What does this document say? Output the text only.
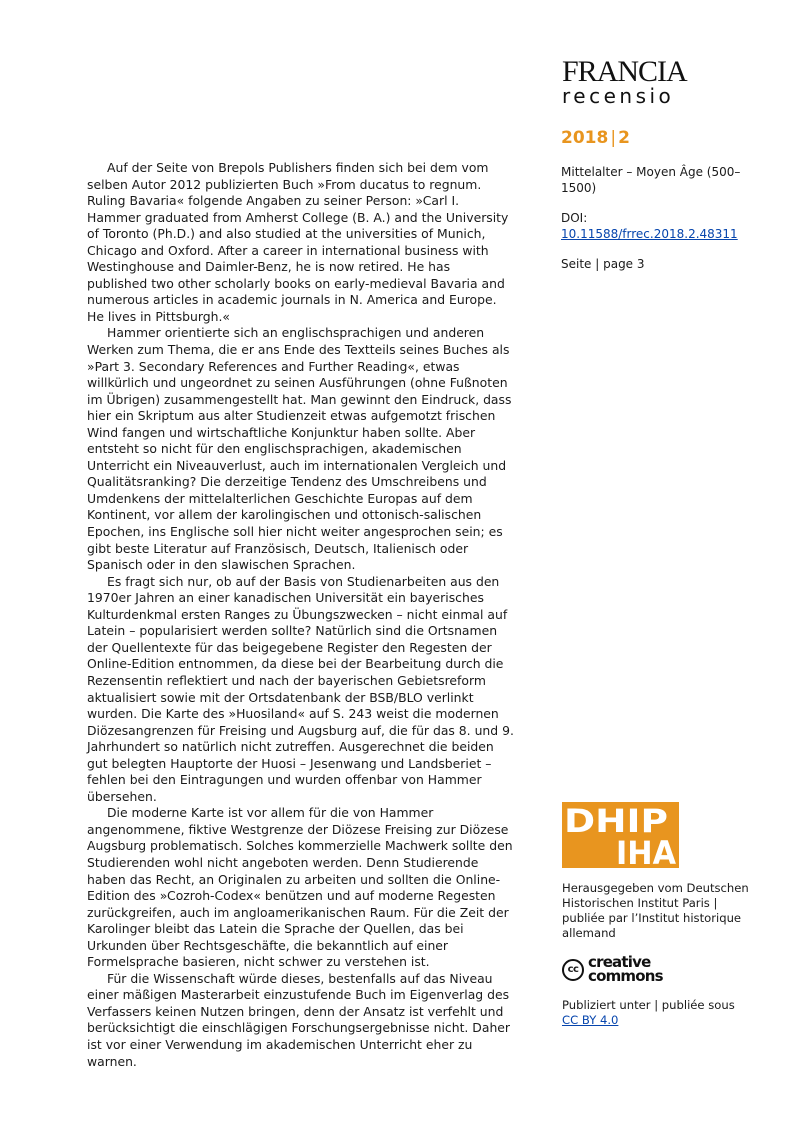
FRANCIA
recensio
2018 | 2
Mittelalter – Moyen Âge (500–1500)
DOI:
10.11588/frrec.2018.2.48311
Seite | page 3

Auf der Seite von Brepols Publishers finden sich bei dem vom selben Autor 2012 publizierten Buch »From ducatus to regnum. Ruling Bavaria« folgende Angaben zu seiner Person: »Carl I. Hammer graduated from Amherst College (B. A.) and the University of Toronto (Ph.D.) and also studied at the universities of Munich, Chicago and Oxford. After a career in international business with Westinghouse and Daimler-Benz, he is now retired. He has published two other scholarly books on early-medieval Bavaria and numerous articles in academic journals in N. America and Europe. He lives in Pittsburgh.«

Hammer orientierte sich an englischsprachigen und anderen Werken zum Thema, die er ans Ende des Textteils seines Buches als »Part 3. Secondary References and Further Reading«, etwas willkürlich und ungeordnet zu seinen Ausführungen (ohne Fußnoten im Übrigen) zusammengestellt hat. Man gewinnt den Eindruck, dass hier ein Skriptum aus alter Studienzeit etwas aufgemotzt frischen Wind fangen und wirtschaftliche Konjunktur haben sollte. Aber entsteht so nicht für den englischsprachigen, akademischen Unterricht ein Niveauverlust, auch im internationalen Vergleich und Qualitätsranking? Die derzeitige Tendenz des Umschreibens und Umdenkens der mittelalterlichen Geschichte Europas auf dem Kontinent, vor allem der karolingischen und ottonisch-salischen Epochen, ins Englische soll hier nicht weiter angesprochen sein; es gibt beste Literatur auf Französisch, Deutsch, Italienisch oder Spanisch oder in den slawischen Sprachen.

Es fragt sich nur, ob auf der Basis von Studienarbeiten aus den 1970er Jahren an einer kanadischen Universität ein bayerisches Kulturdenkmal ersten Ranges zu Übungszwecken – nicht einmal auf Latein – popularisiert werden sollte? Natürlich sind die Ortsnamen der Quellentexte für das beigegebene Register den Regesten der Online-Edition entnommen, da diese bei der Bearbeitung durch die Rezensentin reflektiert und nach der bayerischen Gebietsreform aktualisiert sowie mit der Ortsdatenbank der BSB/BLO verlinkt wurden. Die Karte des »Huosiland« auf S. 243 weist die modernen Diözesangrenzen für Freising und Augsburg auf, die für das 8. und 9. Jahrhundert so natürlich nicht zutreffen. Ausgerechnet die beiden gut belegten Hauptorte der Huosi – Jesenwang und Landsberiet – fehlen bei den Eintragungen und wurden offenbar von Hammer übersehen.

Die moderne Karte ist vor allem für die von Hammer angenommene, fiktive Westgrenze der Diözese Freising zur Diözese Augsburg problematisch. Solches kommerzielle Machwerk sollte den Studierenden wohl nicht angeboten werden. Denn Studierende haben das Recht, an Originalen zu arbeiten und sollten die Online-Edition des »Cozroh-Codex« benützen und auf moderne Regesten zurückgreifen, auch im angloamerikanischen Raum. Für die Zeit der Karolinger bleibt das Latein die Sprache der Quellen, das bei Urkunden über Rechtsgeschäfte, die bekanntlich auf einer Formelsprache basieren, nicht schwer zu verstehen ist.

Für die Wissenschaft würde dieses, bestenfalls auf das Niveau einer mäßigen Masterarbeit einzustufende Buch im Eigenverlag des Verfassers keinen Nutzen bringen, denn der Ansatz ist verfehlt und berücksichtigt die einschlägigen Forschungsergebnisse nicht. Daher ist vor einer Verwendung im akademischen Unterricht eher zu warnen.

DHIP
IHA
Herausgegeben vom Deutschen Historischen Institut Paris | publiée par l’Institut historique allemand
cc creative
commons
Publiziert unter | publiée sous
CC BY 4.0
